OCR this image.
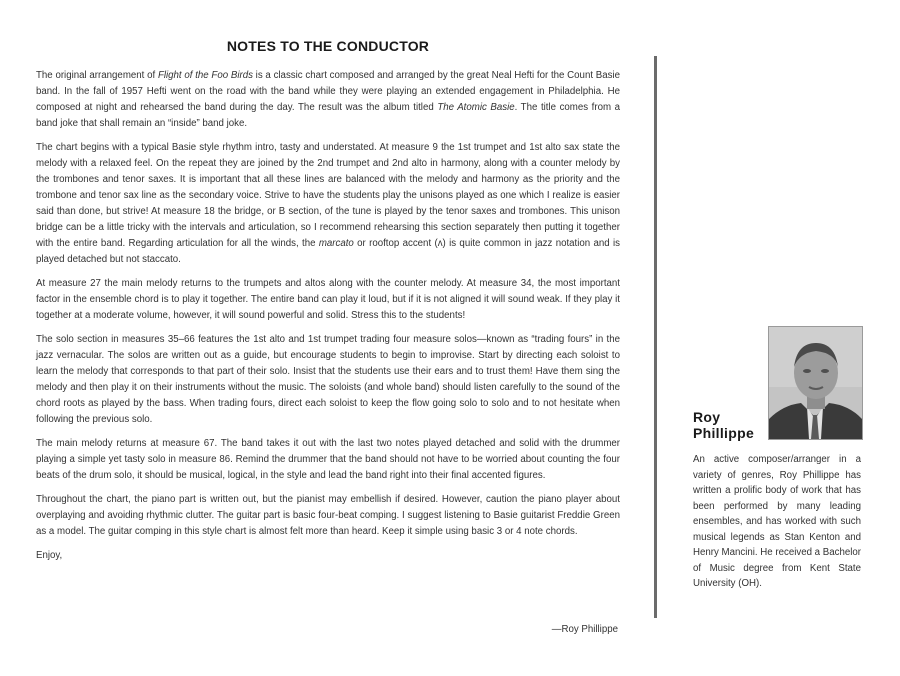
NOTES TO THE CONDUCTOR

The original arrangement of Flight of the Foo Birds is a classic chart composed and arranged by the great Neal Hefti for the Count Basie band. In the fall of 1957 Hefti went on the road with the band while they were playing an extended engagement in Philadelphia. He composed at night and rehearsed the band during the day. The result was the album titled The Atomic Basie. The title comes from a band joke that shall remain an “inside” band joke.

The chart begins with a typical Basie style rhythm intro, tasty and understated. At measure 9 the 1st trumpet and 1st alto sax state the melody with a relaxed feel. On the repeat they are joined by the 2nd trumpet and 2nd alto in harmony, along with a counter melody by the trombones and tenor saxes. It is important that all these lines are balanced with the melody and harmony as the priority and the trombone and tenor sax line as the secondary voice. Strive to have the students play the unisons played as one which I realize is easier said than done, but strive! At measure 18 the bridge, or B section, of the tune is played by the tenor saxes and trombones. This unison bridge can be a little tricky with the intervals and articulation, so I recommend rehearsing this section separately then putting it together with the entire band. Regarding articulation for all the winds, the marcato or rooftop accent (ʌ) is quite common in jazz notation and is played detached but not staccato.

At measure 27 the main melody returns to the trumpets and altos along with the counter melody. At measure 34, the most important factor in the ensemble chord is to play it together. The entire band can play it loud, but if it is not aligned it will sound weak. If they play it together at a moderate volume, however, it will sound powerful and solid. Stress this to the students!

The solo section in measures 35–66 features the 1st alto and 1st trumpet trading four measure solos—known as “trading fours” in the jazz vernacular. The solos are written out as a guide, but encourage students to begin to improvise. Start by directing each soloist to learn the melody that corresponds to that part of their solo. Insist that the students use their ears and to trust them! Have them sing the melody and then play it on their instruments without the music. The soloists (and whole band) should listen carefully to the sound of the chord roots as played by the bass. When trading fours, direct each soloist to keep the flow going solo to solo and to not hesitate when following the previous solo.

The main melody returns at measure 67. The band takes it out with the last two notes played detached and solid with the drummer playing a simple yet tasty solo in measure 86. Remind the drummer that the band should not have to be worried about counting the four beats of the drum solo, it should be musical, logical, in the style and lead the band right into their final accented figures.

Throughout the chart, the piano part is written out, but the pianist may embellish if desired. However, caution the piano player about overplaying and avoiding rhythmic clutter. The guitar part is basic four-beat comping. I suggest listening to Basie guitarist Freddie Green as a model. The guitar comping in this style chart is almost felt more than heard. Keep it simple using basic 3 or 4 note chords.

Enjoy,
—Roy Phillippe
Roy
Phillippe
An active composer/arranger in a variety of genres, Roy Phillippe has written a prolific body of work that has been performed by many leading ensembles, and has worked with such musical legends as Stan Kenton and Henry Mancini. He received a Bachelor of Music degree from Kent State University (OH).
